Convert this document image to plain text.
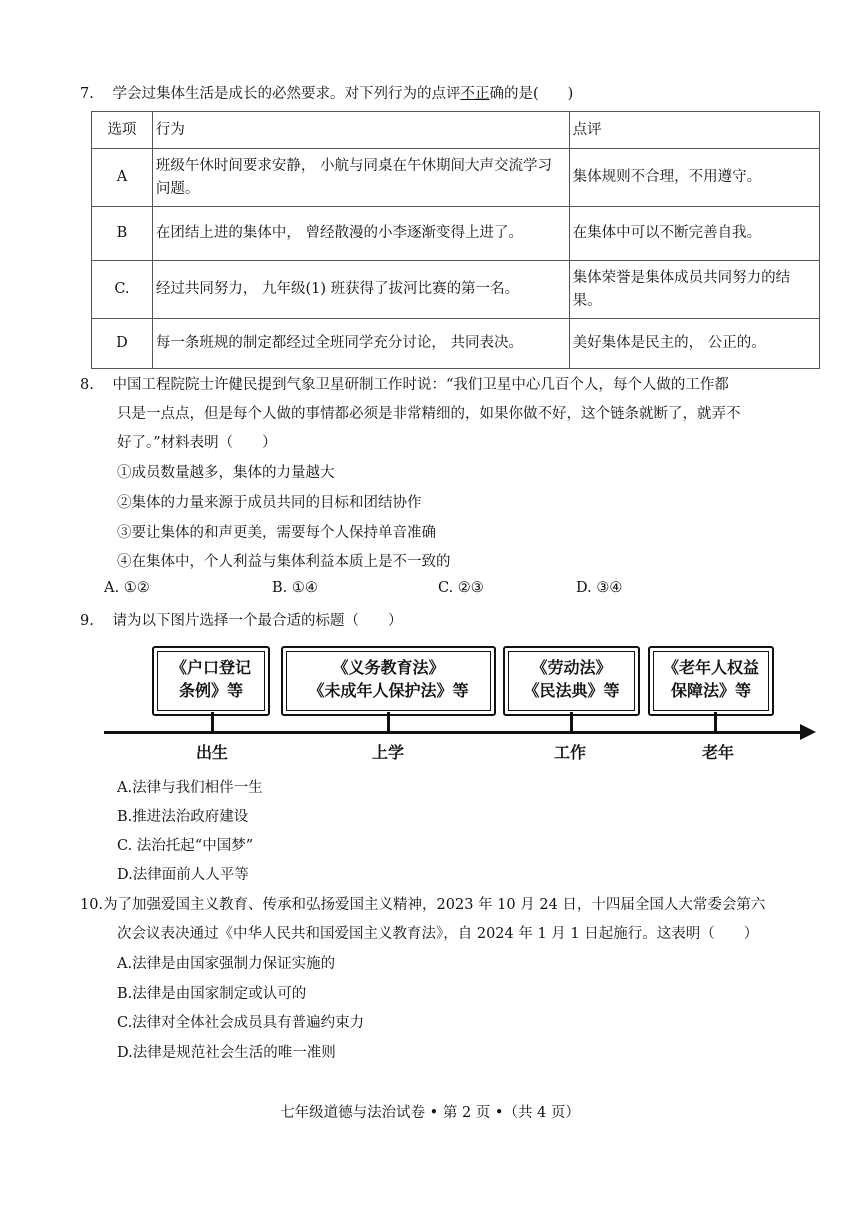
7. 学会过集体生活是成长的必然要求。对下列行为的点评不正确的是(　　)
选项	行为	点评
A	班级午休时间要求安静， 小航与同桌在午休期间大声交流学习问题。	集体规则不合理，不用遵守。
B	在团结上进的集体中， 曾经散漫的小李逐渐变得上进了。	在集体中可以不断完善自我。
C.	经过共同努力， 九年级(1) 班获得了拔河比赛的第一名。	集体荣誉是集体成员共同努力的结果。
D	每一条班规的制定都经过全班同学充分讨论， 共同表决。	美好集体是民主的， 公正的。
8. 中国工程院院士许健民提到气象卫星研制工作时说：“我们卫星中心几百个人，每个人做的工作都
只是一点点，但是每个人做的事情都必须是非常精细的，如果你做不好，这个链条就断了，就弄不
好了。”材料表明（　　）
①成员数量越多，集体的力量越大
②集体的力量来源于成员共同的目标和团结协作
③要让集体的和声更美，需要每个人保持单音准确
④在集体中，个人利益与集体利益本质上是不一致的
A. ①②	B. ①④	C. ②③	D. ③④
9. 请为以下图片选择一个最合适的标题（　　）
《户口登记
条例》等
《义务教育法》
《未成年人保护法》等
《劳动法》
《民法典》等
《老年人权益
保障法》等
出生	上学	工作	老年
A.法律与我们相伴一生
B.推进法治政府建设
C. 法治托起“中国梦”
D.法律面前人人平等
10.为了加强爱国主义教育、传承和弘扬爱国主义精神，2023 年 10 月 24 日，十四届全国人大常委会第六
次会议表决通过《中华人民共和国爱国主义教育法》，自 2024 年 1 月 1 日起施行。这表明（　　）
A.法律是由国家强制力保证实施的
B.法律是由国家制定或认可的
C.法律对全体社会成员具有普遍约束力
D.法律是规范社会生活的唯一准则
七年级道德与法治试卷 • 第 2 页 •（共 4 页）
